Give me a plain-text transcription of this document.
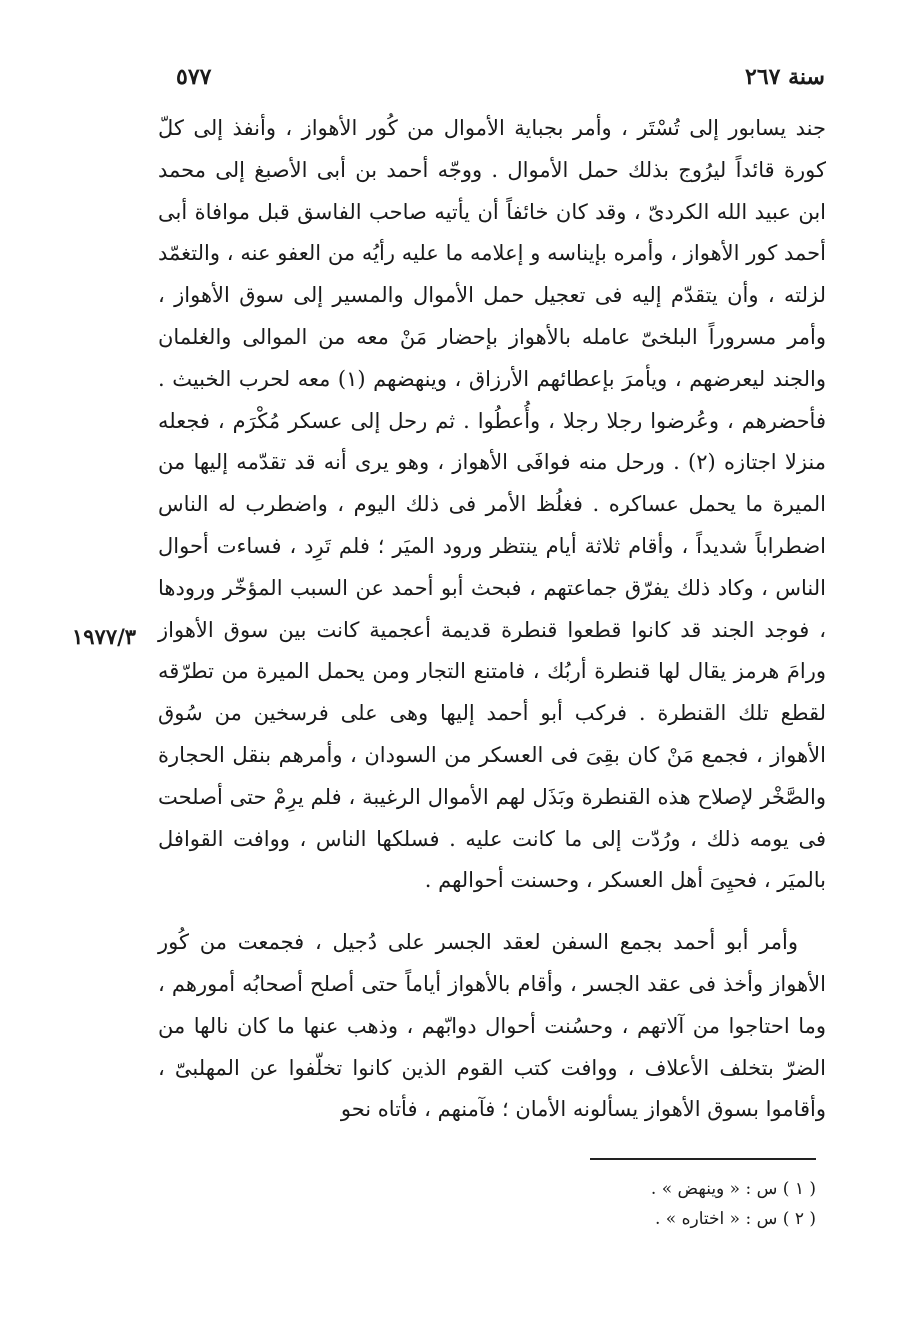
سنة ٢٦٧
٥٧٧
١٩٧٧/٣

جند يسابور إلى تُسْتَر ، وأمر بجباية الأموال من كُور الأهواز ، وأنفذ إلى كلّ كورة قائداً ليرُوج بذلك حمل الأموال . ووجّه أحمد بن أبى الأصبغ إلى محمد ابن عبيد الله الكردىّ ، وقد كان خائفاً أن يأتيه صاحب الفاسق قبل موافاة أبى أحمد كور الأهواز ، وأمره بإيناسه و إعلامه ما عليه رأيُه من العفو عنه ، والتغمّد لزلته ، وأن يتقدّم إليه فى تعجيل حمل الأموال والمسير إلى سوق الأهواز ، وأمر مسروراً البلخىّ عامله بالأهواز بإحضار مَنْ معه من الموالى والغلمان والجند ليعرضهم ، ويأمرَ بإعطائهم الأرزاق ، وينهضهم (١) معه لحرب الخبيث . فأحضرهم ، وعُرضوا رجلا رجلا ، وأُعطُوا . ثم رحل إلى عسكر مُكْرَم ، فجعله منزلا اجتازه (٢) . ورحل منه فوافَى الأهواز ، وهو يرى أنه قد تقدّمه إليها من الميرة ما يحمل عساكره . فغلُظ الأمر فى ذلك اليوم ، واضطرب له الناس اضطراباً شديداً ، وأقام ثلاثة أيام ينتظر ورود الميَر ؛ فلم تَرِد ، فساءت أحوال الناس ، وكاد ذلك يفرّق جماعتهم ، فبحث أبو أحمد عن السبب المؤخّر ورودها ، فوجد الجند قد كانوا قطعوا قنطرة قديمة أعجمية كانت بين سوق الأهواز ورامَ هرمز يقال لها قنطرة أربُك ، فامتنع التجار ومن يحمل الميرة من تطرّقه لقطع تلك القنطرة . فركب أبو أحمد إليها وهى على فرسخين من سُوق الأهواز ، فجمع مَنْ كان بقِىَ فى العسكر من السودان ، وأمرهم بنقل الحجارة والصَّخْر لإصلاح هذه القنطرة وبَذَل لهم الأموال الرغيبة ، فلم يرِمْ حتى أصلحت فى يومه ذلك ، ورُدّت إلى ما كانت عليه . فسلكها الناس ، ووافت القوافل بالميَر ، فحيِىَ أهل العسكر ، وحسنت أحوالهم .

وأمر أبو أحمد بجمع السفن لعقد الجسر على دُجيل ، فجمعت من كُور الأهواز وأخذ فى عقد الجسر ، وأقام بالأهواز أياماً حتى أصلح أصحابُه أمورهم ، وما احتاجوا من آلاتهم ، وحسُنت أحوال دوابّهم ، وذهب عنها ما كان نالها من الضرّ بتخلف الأعلاف ، ووافت كتب القوم الذين كانوا تخلّفوا عن المهلبىّ ، وأقاموا بسوق الأهواز يسألونه الأمان ؛ فآمنهم ، فأتاه نحو

( ١ ) س : « وينهض » .
( ٢ ) س : « اختاره » .
